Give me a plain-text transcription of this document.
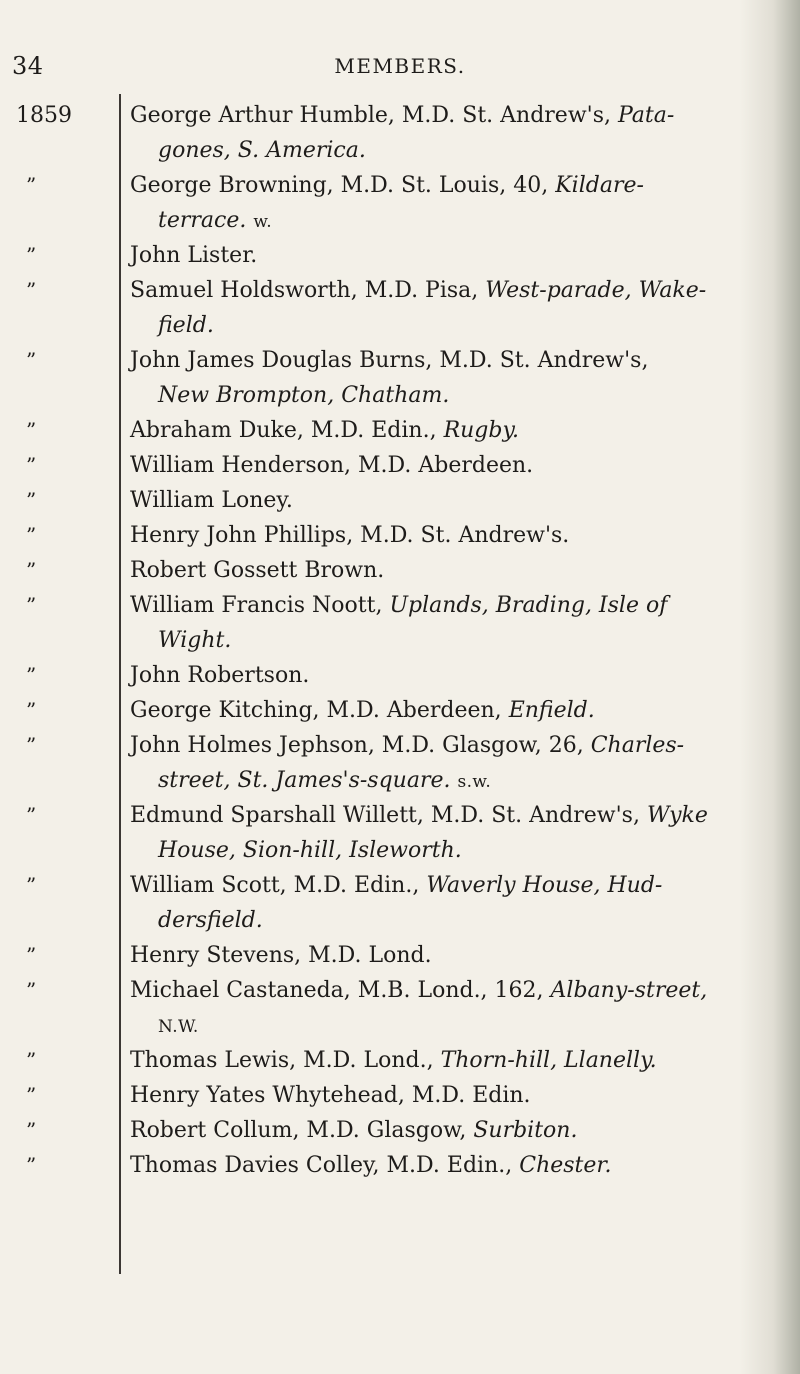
34	MEMBERS.
1859	George Arthur Humble, M.D. St. Andrew's, Pata-
gones, S. America.
”	George Browning, M.D. St. Louis, 40, Kildare-
terrace. w.
”	John Lister.
”	Samuel Holdsworth, M.D. Pisa, West-parade, Wake-
field.
”	John James Douglas Burns, M.D. St. Andrew's,
New Brompton, Chatham.
”	Abraham Duke, M.D. Edin., Rugby.
”	William Henderson, M.D. Aberdeen.
”	William Loney.
”	Henry John Phillips, M.D. St. Andrew's.
”	Robert Gossett Brown.
”	William Francis Noott, Uplands, Brading, Isle of
Wight.
”	John Robertson.
”	George Kitching, M.D. Aberdeen, Enfield.
”	John Holmes Jephson, M.D. Glasgow, 26, Charles-
street, St. James's-square. s.w.
”	Edmund Sparshall Willett, M.D. St. Andrew's, Wyke
House, Sion-hill, Isleworth.
”	William Scott, M.D. Edin., Waverly House, Hud-
dersfield.
”	Henry Stevens, M.D. Lond.
”	Michael Castaneda, M.B. Lond., 162, Albany-street,
N.W.
”	Thomas Lewis, M.D. Lond., Thorn-hill, Llanelly.
”	Henry Yates Whytehead, M.D. Edin.
”	Robert Collum, M.D. Glasgow, Surbiton.
”	Thomas Davies Colley, M.D. Edin., Chester.
